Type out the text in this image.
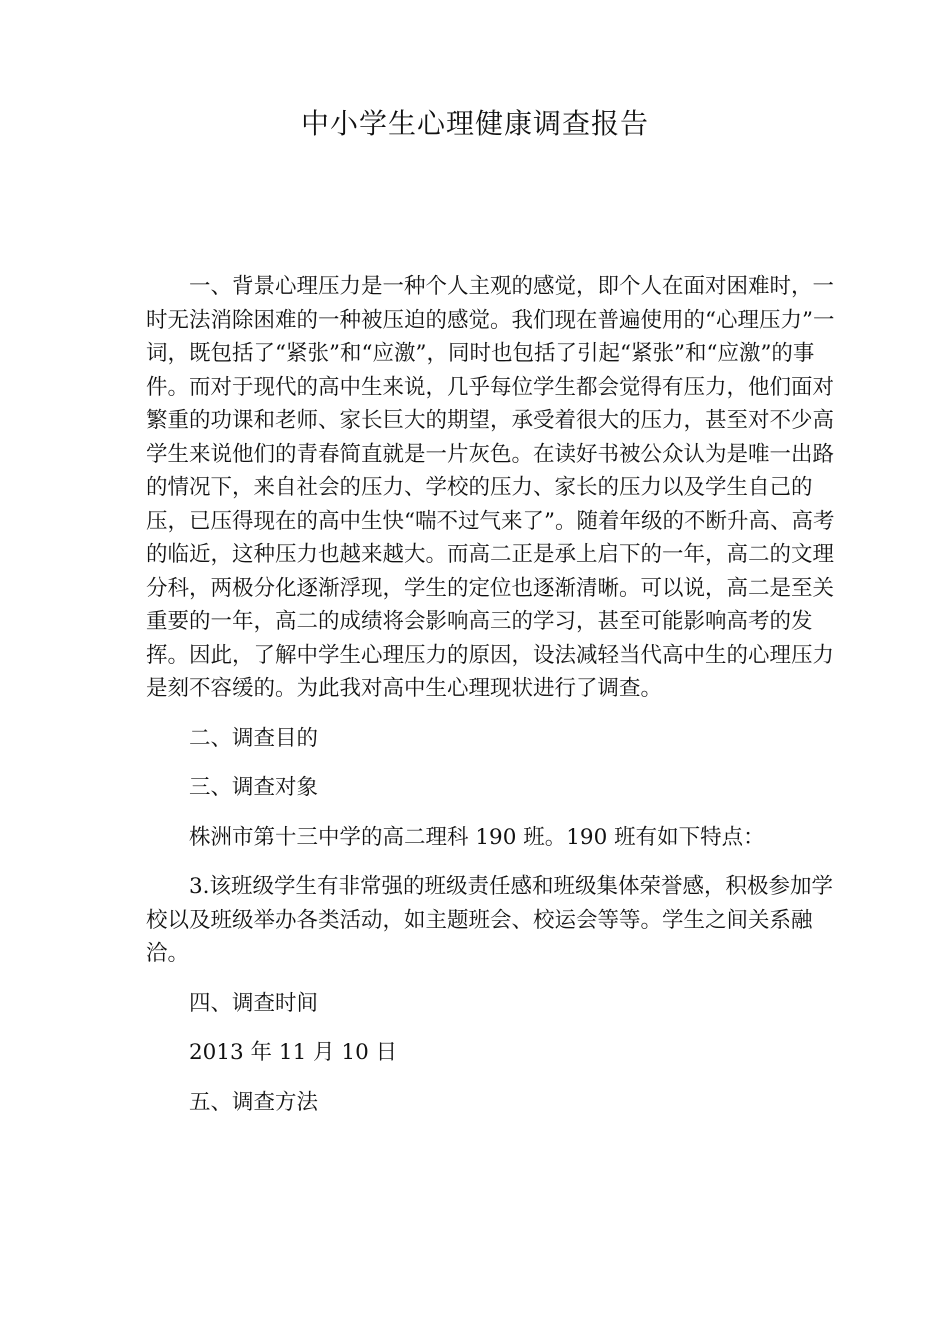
中小学生心理健康调查报告

一、背景心理压力是一种个人主观的感觉，即个人在面对困难时，一时无法消除困难的一种被压迫的感觉。我们现在普遍使用的“心理压力”一词，既包括了“紧张”和“应激”，同时也包括了引起“紧张”和“应激”的事件。而对于现代的高中生来说，几乎每位学生都会觉得有压力，他们面对繁重的功课和老师、家长巨大的期望，承受着很大的压力，甚至对不少高学生来说他们的青春简直就是一片灰色。在读好书被公众认为是唯一出路的情况下，来自社会的压力、学校的压力、家长的压力以及学生自己的压，已压得现在的高中生快“喘不过气来了”。随着年级的不断升高、高考的临近，这种压力也越来越大。而高二正是承上启下的一年，高二的文理分科，两极分化逐渐浮现，学生的定位也逐渐清晰。可以说，高二是至关重要的一年，高二的成绩将会影响高三的学习，甚至可能影响高考的发挥。因此，了解中学生心理压力的原因，设法减轻当代高中生的心理压力是刻不容缓的。为此我对高中生心理现状进行了调查。

二、调查目的

三、调查对象

株洲市第十三中学的高二理科 190 班。190 班有如下特点：

3.该班级学生有非常强的班级责任感和班级集体荣誉感，积极参加学校以及班级举办各类活动，如主题班会、校运会等等。学生之间关系融洽。

四、调查时间

2013 年 11 月 10 日

五、调查方法
